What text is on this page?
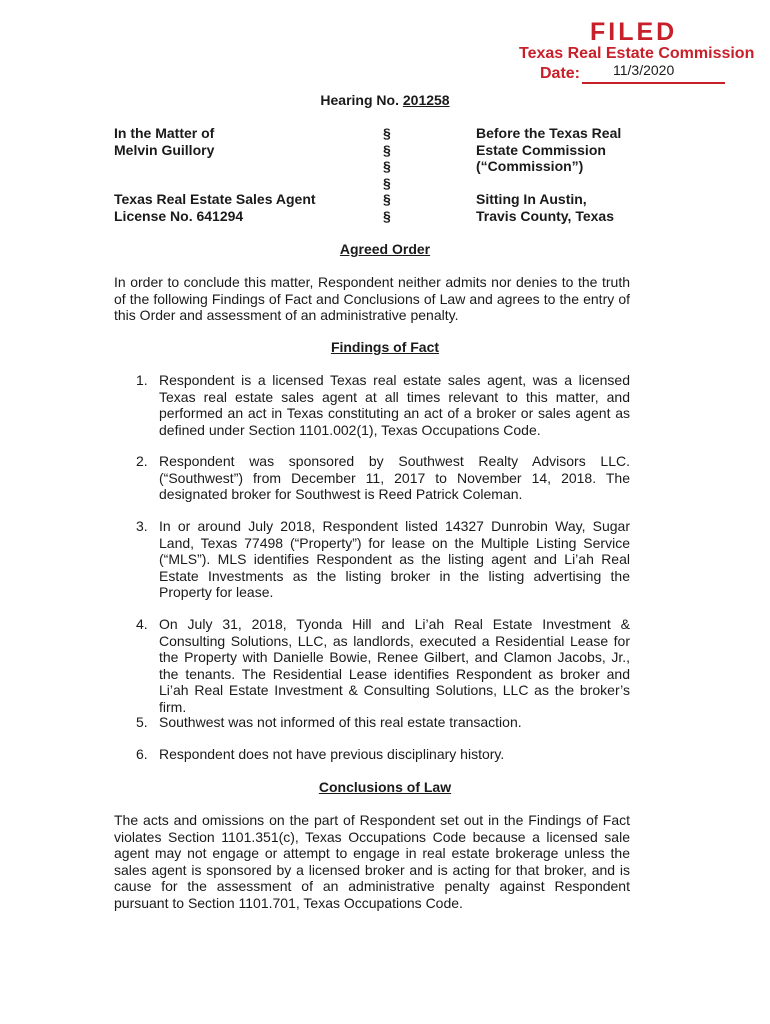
FILED
Texas Real Estate Commission
Date: 11/3/2020
Hearing No. 201258
In the Matter of
Melvin Guillory
Texas Real Estate Sales Agent
License No. 641294
§
§
§
§
§
§
Before the Texas Real
Estate Commission
(“Commission”)
Sitting In Austin,
Travis County, Texas
Agreed Order
In order to conclude this matter, Respondent neither admits nor denies to the truth of the following Findings of Fact and Conclusions of Law and agrees to the entry of this Order and assessment of an administrative penalty.
Findings of Fact
1. Respondent is a licensed Texas real estate sales agent, was a licensed Texas real estate sales agent at all times relevant to this matter, and performed an act in Texas constituting an act of a broker or sales agent as defined under Section 1101.002(1), Texas Occupations Code.
2. Respondent was sponsored by Southwest Realty Advisors LLC. (“Southwest”) from December 11, 2017 to November 14, 2018. The designated broker for Southwest is Reed Patrick Coleman.
3. In or around July 2018, Respondent listed 14327 Dunrobin Way, Sugar Land, Texas 77498 (“Property”) for lease on the Multiple Listing Service (“MLS”). MLS identifies Respondent as the listing agent and Li’ah Real Estate Investments as the listing broker in the listing advertising the Property for lease.
4. On July 31, 2018, Tyonda Hill and Li’ah Real Estate Investment & Consulting Solutions, LLC, as landlords, executed a Residential Lease for the Property with Danielle Bowie, Renee Gilbert, and Clamon Jacobs, Jr., the tenants. The Residential Lease identifies Respondent as broker and Li’ah Real Estate Investment & Consulting Solutions, LLC as the broker’s firm.
5. Southwest was not informed of this real estate transaction.
6. Respondent does not have previous disciplinary history.
Conclusions of Law
The acts and omissions on the part of Respondent set out in the Findings of Fact violates Section 1101.351(c), Texas Occupations Code because a licensed sale agent may not engage or attempt to engage in real estate brokerage unless the sales agent is sponsored by a licensed broker and is acting for that broker, and is cause for the assessment of an administrative penalty against Respondent pursuant to Section 1101.701, Texas Occupations Code.
